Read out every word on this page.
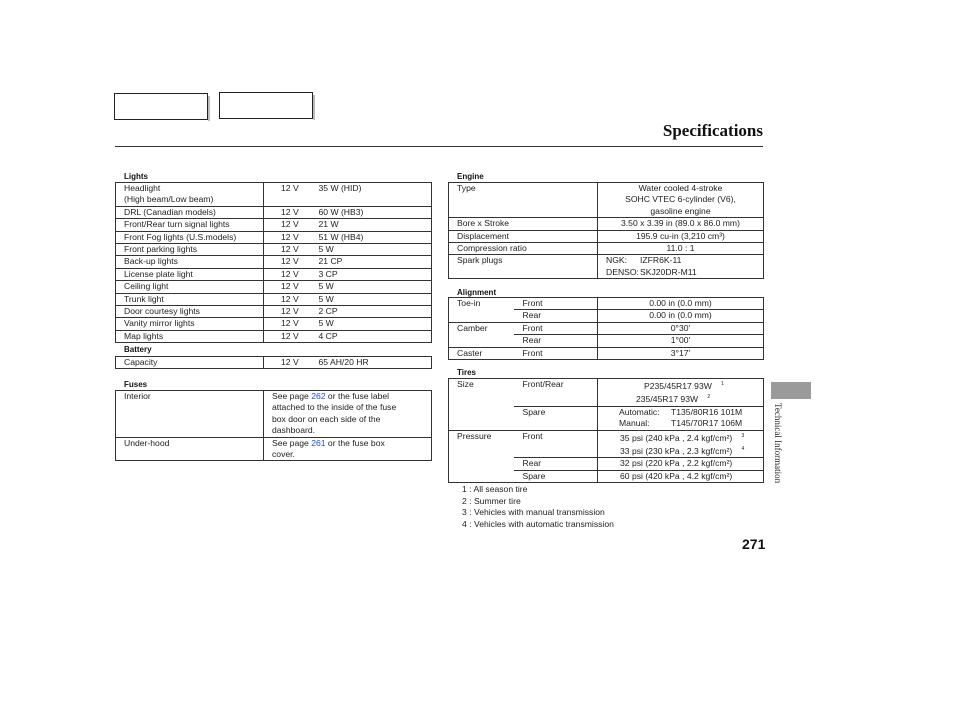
Specifications
Lights
Headlight
(High beam/Low beam)	12 V	35 W (HID)
DRL (Canadian models)	12 V	60 W (HB3)
Front/Rear turn signal lights	12 V	21 W
Front Fog lights (U.S.models)	12 V	51 W (HB4)
Front parking lights	12 V	5 W
Back-up lights	12 V	21 CP
License plate light	12 V	3 CP
Ceiling light	12 V	5 W
Trunk light	12 V	5 W
Door courtesy lights	12 V	2 CP
Vanity mirror lights	12 V	5 W
Map lights	12 V	4 CP
Battery
Capacity	12 V	65 AH/20 HR
Fuses
Interior	See page 262 or the fuse label
attached to the inside of the fuse
box door on each side of the
dashboard.

Under-hood	See page 261 or the fuse box
cover.
Engine
Type	Water cooled 4-stroke
SOHC VTEC 6-cylinder (V6),
gasoline engine

Bore x Stroke	3.50 x 3.39 in (89.0 x 86.0 mm)
Displacement	195.9 cu-in (3,210 cm³)
Compression ratio	11.0 : 1
Spark plugs	NGK: IZFR6K-11
DENSO:SKJ20DR-M11
Alignment
Toe-in	Front	0.00 in (0.0 mm)
	Rear	0.00 in (0.0 mm)
Camber	Front	0°30'
	Rear	1°00'
Caster	Front	3°17'
Tires
Size	Front/Rear	P235/45R17 93W 1
235/45R17 93W 2

	Spare	Automatic: T135/80R16 101M
Manual: T145/70R17 106M

Pressure	Front	35 psi (240 kPa , 2.4 kgf/cm²) 3
33 psi (230 kPa , 2.3 kgf/cm²) 4

	Rear	32 psi (220 kPa , 2.2 kgf/cm²)
	Spare	60 psi (420 kPa , 4.2 kgf/cm²)
1 : All season tire
2 : Summer tire
3 : Vehicles with manual transmission
4 : Vehicles with automatic transmission
Technical Information
271
